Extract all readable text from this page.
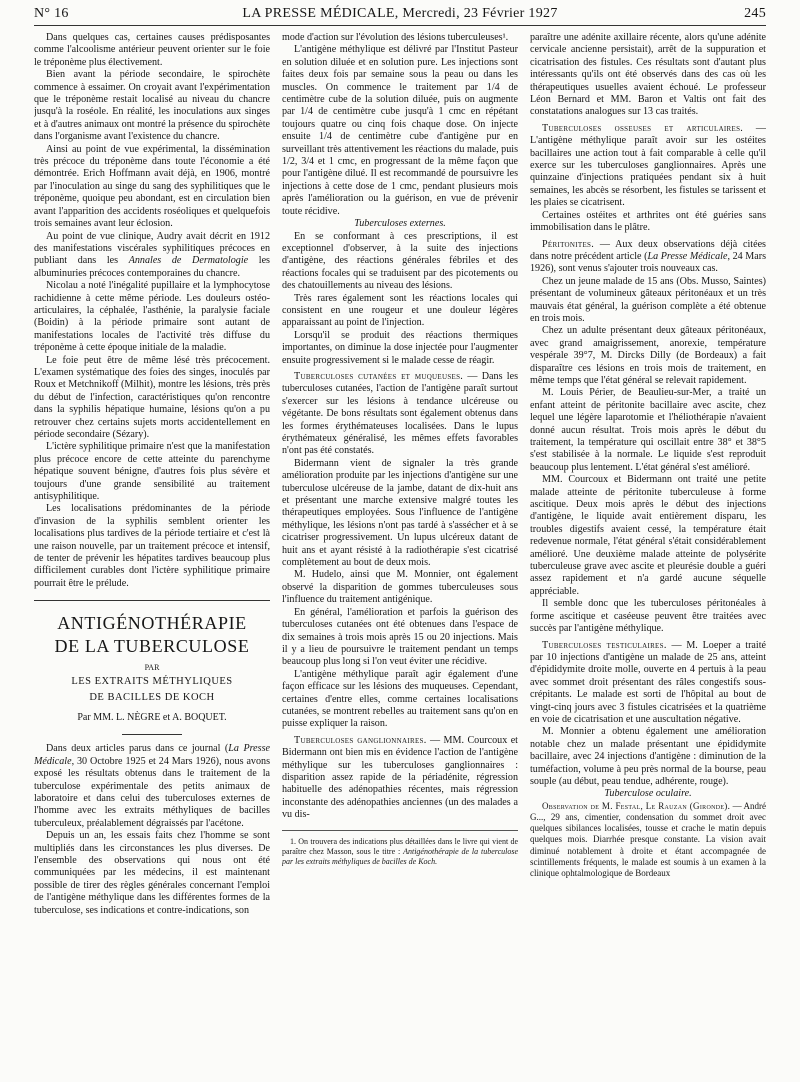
N° 16	LA PRESSE MÉDICALE, Mercredi, 23 Février 1927	245

Dans quelques cas, certaines causes prédisposantes comme l'alcoolisme antérieur peuvent orienter sur le foie le tréponème plus électivement.

Bien avant la période secondaire, le spirochète commence à essaimer. On croyait avant l'expérimentation que le tréponème restait localisé au niveau du chancre jusqu'à la roséole. En réalité, les inoculations aux singes et à d'autres animaux ont montré la présence du spirochète dans l'organisme avant l'existence du chancre.

Ainsi au point de vue expérimental, la dissémination très précoce du tréponème dans toute l'économie a été démontrée. Erich Hoffmann avait déjà, en 1906, montré par l'inoculation au singe du sang des syphilitiques que le tréponème, quoique peu abondant, est en circulation bien avant l'apparition des accidents roséoliques et quelquefois trois semaines avant leur éclosion.

Au point de vue clinique, Audry avait décrit en 1912 des manifestations viscérales syphilitiques précoces en publiant dans les Annales de Dermatologie les albuminuries précoces contemporaines du chancre.

Nicolau a noté l'inégalité pupillaire et la lymphocytose rachidienne à cette même période. Les douleurs ostéo-articulaires, la céphalée, l'asthénie, la paralysie faciale (Boidin) à la période primaire sont autant de manifestations locales de l'activité très diffuse du tréponème à cette époque initiale de la maladie.

Le foie peut être de même lésé très précocement. L'examen systématique des foies des singes, inoculés par Roux et Metchnikoff (Milhit), montre les lésions, très près du début de l'infection, caractéristiques qu'on rencontre dans la syphilis hépatique humaine, lésions qu'on a pu retrouver chez certains sujets morts accidentellement en période secondaire (Sézary).

L'ictère syphilitique primaire n'est que la manifestation plus précoce encore de cette atteinte du parenchyme hépatique souvent bénigne, d'autres fois plus sévère et toujours d'une grande sensibilité au traitement antisyphilitique.

Les localisations prédominantes de la période d'invasion de la syphilis semblent orienter les localisations plus tardives de la période tertiaire et c'est là une raison nouvelle, par un traitement précoce et intensif, de tenter de prévenir les hépatites tardives beaucoup plus difficilement curables dont l'ictère syphilitique primaire pourrait être le prélude.

ANTIGÉNOTHÉRAPIE
DE LA TUBERCULOSE
PAR
LES EXTRAITS MÉTHYLIQUES
DE BACILLES DE KOCH
Par MM. L. NÈGRE et A. BOQUET.

Dans deux articles parus dans ce journal (La Presse Médicale, 30 Octobre 1925 et 24 Mars 1926), nous avons exposé les résultats obtenus dans le traitement de la tuberculose expérimentale des petits animaux de laboratoire et dans celui des tuberculoses externes de l'homme avec les extraits méthyliques de bacilles tuberculeux, préalablement dégraissés par l'acétone.

Depuis un an, les essais faits chez l'homme se sont multipliés dans les circonstances les plus diverses. De l'ensemble des observations qui nous ont été communiquées par les médecins, il est maintenant possible de tirer des règles générales concernant l'emploi de l'antigène méthylique dans les différentes formes de la tuberculose, ses indications et contre-indications, son

mode d'action sur l'évolution des lésions tuberculeuses¹.

L'antigène méthylique est délivré par l'Institut Pasteur en solution diluée et en solution pure. Les injections sont faites deux fois par semaine sous la peau ou dans les muscles. On commence le traitement par 1/4 de centimètre cube de la solution diluée, puis on augmente par 1/4 de centimètre cube jusqu'à 1 cmc en répétant toujours quatre ou cinq fois chaque dose. On injecte ensuite 1/4 de centimètre cube d'antigène pur en surveillant très attentivement les réactions du malade, puis 1/2, 3/4 et 1 cmc, en progressant de la même façon que pour l'antigène dilué. Il est recommandé de poursuivre les injections à cette dose de 1 cmc, pendant plusieurs mois après l'amélioration ou la guérison, en vue de prévenir toute récidive.

Tuberculoses externes.

En se conformant à ces prescriptions, il est exceptionnel d'observer, à la suite des injections d'antigène, des réactions générales fébriles et des réactions focales qui se traduisent par des picotements ou des chatouillements au niveau des lésions.

Très rares également sont les réactions locales qui consistent en une rougeur et une douleur légères apparaissant au point de l'injection.

Lorsqu'il se produit des réactions thermiques importantes, on diminue la dose injectée pour l'augmenter ensuite progressivement si le malade cesse de réagir.

Tuberculoses cutanées et muqueuses. — Dans les tuberculoses cutanées, l'action de l'antigène paraît surtout s'exercer sur les lésions à tendance ulcéreuse ou végétante. De bons résultats sont également obtenus dans les formes érythémateuses localisées. Dans le lupus érythémateux généralisé, les mêmes effets favorables n'ont pas été constatés.

Bidermann vient de signaler la très grande amélioration produite par les injections d'antigène sur une tuberculose ulcéreuse de la jambe, datant de dix-huit ans et présentant une marche extensive malgré toutes les thérapeutiques employées. Sous l'influence de l'antigène méthylique, les lésions n'ont pas tardé à s'assécher et à se cicatriser progressivement. Un lupus ulcéreux datant de huit ans et ayant résisté à la radiothérapie s'est cicatrisé complètement au bout de deux mois.

M. Hudelo, ainsi que M. Monnier, ont également observé la disparition de gommes tuberculeuses sous l'influence du traitement antigénique.

En général, l'amélioration et parfois la guérison des tuberculoses cutanées ont été obtenues dans l'espace de dix semaines à trois mois après 15 ou 20 injections. Mais il y a lieu de poursuivre le traitement pendant un temps beaucoup plus long si l'on veut éviter une récidive.

L'antigène méthylique paraît agir également d'une façon efficace sur les lésions des muqueuses. Cependant, certaines d'entre elles, comme certaines localisations cutanées, se montrent rebelles au traitement sans qu'on en puisse expliquer la raison.

Tuberculoses ganglionnaires. — MM. Courcoux et Bidermann ont bien mis en évidence l'action de l'antigène méthylique sur les tuberculoses ganglionnaires : disparition assez rapide de la périadénite, régression habituelle des adénopathies récentes, mais régression inconstante des adénopathies anciennes (un des malades a vu dis-

1. On trouvera des indications plus détaillées dans le livre qui vient de paraître chez Masson, sous le titre : Antigénothérapie de la tuberculose par les extraits méthyliques de bacilles de Koch.

paraître une adénite axillaire récente, alors qu'une adénite cervicale ancienne persistait), arrêt de la suppuration et cicatrisation des fistules. Ces résultats sont d'autant plus intéressants qu'ils ont été observés dans des cas où les thérapeutiques usuelles avaient échoué. Le professeur Léon Bernard et MM. Baron et Valtis ont fait des constatations analogues sur 13 cas traités.

Tuberculoses osseuses et articulaires. — L'antigène méthylique paraît avoir sur les ostéites bacillaires une action tout à fait comparable à celle qu'il exerce sur les tuberculoses ganglionnaires. Après une quinzaine d'injections pratiquées pendant six à huit semaines, les abcès se résorbent, les fistules se tarissent et les plaies se cicatrisent.

Certaines ostéites et arthrites ont été guéries sans immobilisation dans le plâtre.

Péritonites. — Aux deux observations déjà citées dans notre précédent article (La Presse Médicale, 24 Mars 1926), sont venus s'ajouter trois nouveaux cas.

Chez un jeune malade de 15 ans (Obs. Musso, Saintes) présentant de volumineux gâteaux péritonéaux et un très mauvais état général, la guérison complète a été obtenue en trois mois.

Chez un adulte présentant deux gâteaux péritonéaux, avec grand amaigrissement, anorexie, température vespérale 39°7, M. Dircks Dilly (de Bordeaux) a fait disparaître ces lésions en trois mois de traitement, en même temps que l'état général se relevait rapidement.

M. Louis Périer, de Beaulieu-sur-Mer, a traité un enfant atteint de péritonite bacillaire avec ascite, chez lequel une légère laparotomie et l'héliothérapie n'avaient donné aucun résultat. Trois mois après le début du traitement, la température qui oscillait entre 38° et 38°5 s'est stabilisée à la normale. Le liquide s'est reproduit beaucoup plus lentement. L'état général s'est amélioré.

MM. Courcoux et Bidermann ont traité une petite malade atteinte de péritonite tuberculeuse à forme ascitique. Deux mois après le début des injections d'antigène, le liquide avait entièrement disparu, les troubles digestifs avaient cessé, la température était redevenue normale, l'état général s'était considérablement amélioré. Une deuxième malade atteinte de polysérite tuberculeuse grave avec ascite et pleurésie double a guéri assez rapidement et n'a gardé aucune séquelle appréciable.

Il semble donc que les tuberculoses péritonéales à forme ascitique et caséeuse peuvent être traitées avec succès par l'antigène méthylique.

Tuberculoses testiculaires. — M. Loeper a traité par 10 injections d'antigène un malade de 25 ans, atteint d'épididymite droite molle, ouverte en 4 pertuis à la peau avec sommet droit présentant des râles congestifs sous-crépitants. Le malade est sorti de l'hôpital au bout de vingt-cinq jours avec 3 fistules cicatrisées et la quatrième en voie de cicatrisation et une auscultation négative.

M. Monnier a obtenu également une amélioration notable chez un malade présentant une épididymite bacillaire, avec 24 injections d'antigène : diminution de la tuméfaction, volume à peu près normal de la bourse, peau souple (au début, peau tendue, adhérente, rouge).

Tuberculose oculaire.

Observation de M. Festal, Le Rauzan (Gironde). — André G..., 29 ans, cimentier, condensation du sommet droit avec quelques sibilances localisées, tousse et crache le matin depuis quelques mois. Diarrhée presque constante. La vision avait diminué notablement à droite et étant accompagnée de scintillements fréquents, le malade est soumis à un examen à la clinique ophtalmologique de Bordeaux
